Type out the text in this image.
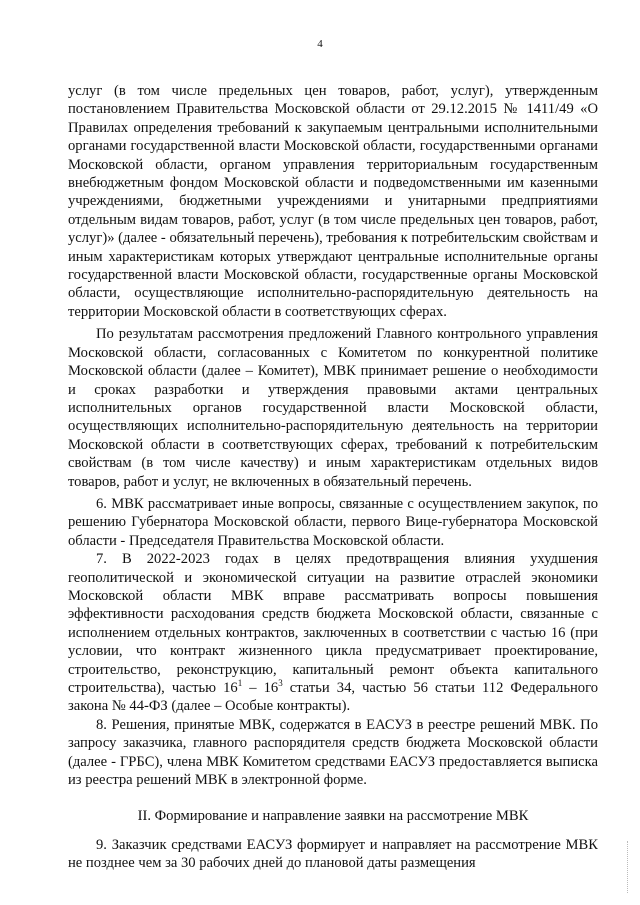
4

услуг (в том числе предельных цен товаров, работ, услуг), утвержденным постановлением Правительства Московской области от 29.12.2015 № 1411/49 «О Правилах определения требований к закупаемым центральными исполнительными органами государственной власти Московской области, государственными органами Московской области, органом управления территориальным государственным внебюджетным фондом Московской области и подведомственными им казенными учреждениями, бюджетными учреждениями и унитарными предприятиями отдельным видам товаров, работ, услуг (в том числе предельных цен товаров, работ, услуг)» (далее - обязательный перечень), требования к потребительским свойствам и иным характеристикам которых утверждают центральные исполнительные органы государственной власти Московской области, государственные органы Московской области, осуществляющие исполнительно-распорядительную деятельность на территории Московской области в соответствующих сферах.

По результатам рассмотрения предложений Главного контрольного управления Московской области, согласованных с Комитетом по конкурентной политике Московской области (далее – Комитет), МВК принимает решение о необходимости и сроках разработки и утверждения правовыми актами центральных исполнительных органов государственной власти Московской области, осуществляющих исполнительно-распорядительную деятельность на территории Московской области в соответствующих сферах, требований к потребительским свойствам (в том числе качеству) и иным характеристикам отдельных видов товаров, работ и услуг, не включенных в обязательный перечень.

6. МВК рассматривает иные вопросы, связанные с осуществлением закупок, по решению Губернатора Московской области, первого Вице-губернатора Московской области - Председателя Правительства Московской области.

7. В 2022-2023 годах в целях предотвращения влияния ухудшения геополитической и экономической ситуации на развитие отраслей экономики Московской области МВК вправе рассматривать вопросы повышения эффективности расходования средств бюджета Московской области, связанные с исполнением отдельных контрактов, заключенных в соответствии с частью 16 (при условии, что контракт жизненного цикла предусматривает проектирование, строительство, реконструкцию, капитальный ремонт объекта капитального строительства), частью $16^1 - 16^3$ статьи 34, частью 56 статьи 112 Федерального закона № 44-ФЗ (далее – Особые контракты).

8. Решения, принятые МВК, содержатся в ЕАСУЗ в реестре решений МВК. По запросу заказчика, главного распорядителя средств бюджета Московской области (далее - ГРБС), члена МВК Комитетом средствами ЕАСУЗ предоставляется выписка из реестра решений МВК в электронной форме.

II. Формирование и направление заявки на рассмотрение МВК

9. Заказчик средствами ЕАСУЗ формирует и направляет на рассмотрение МВК не позднее чем за 30 рабочих дней до плановой даты размещения
